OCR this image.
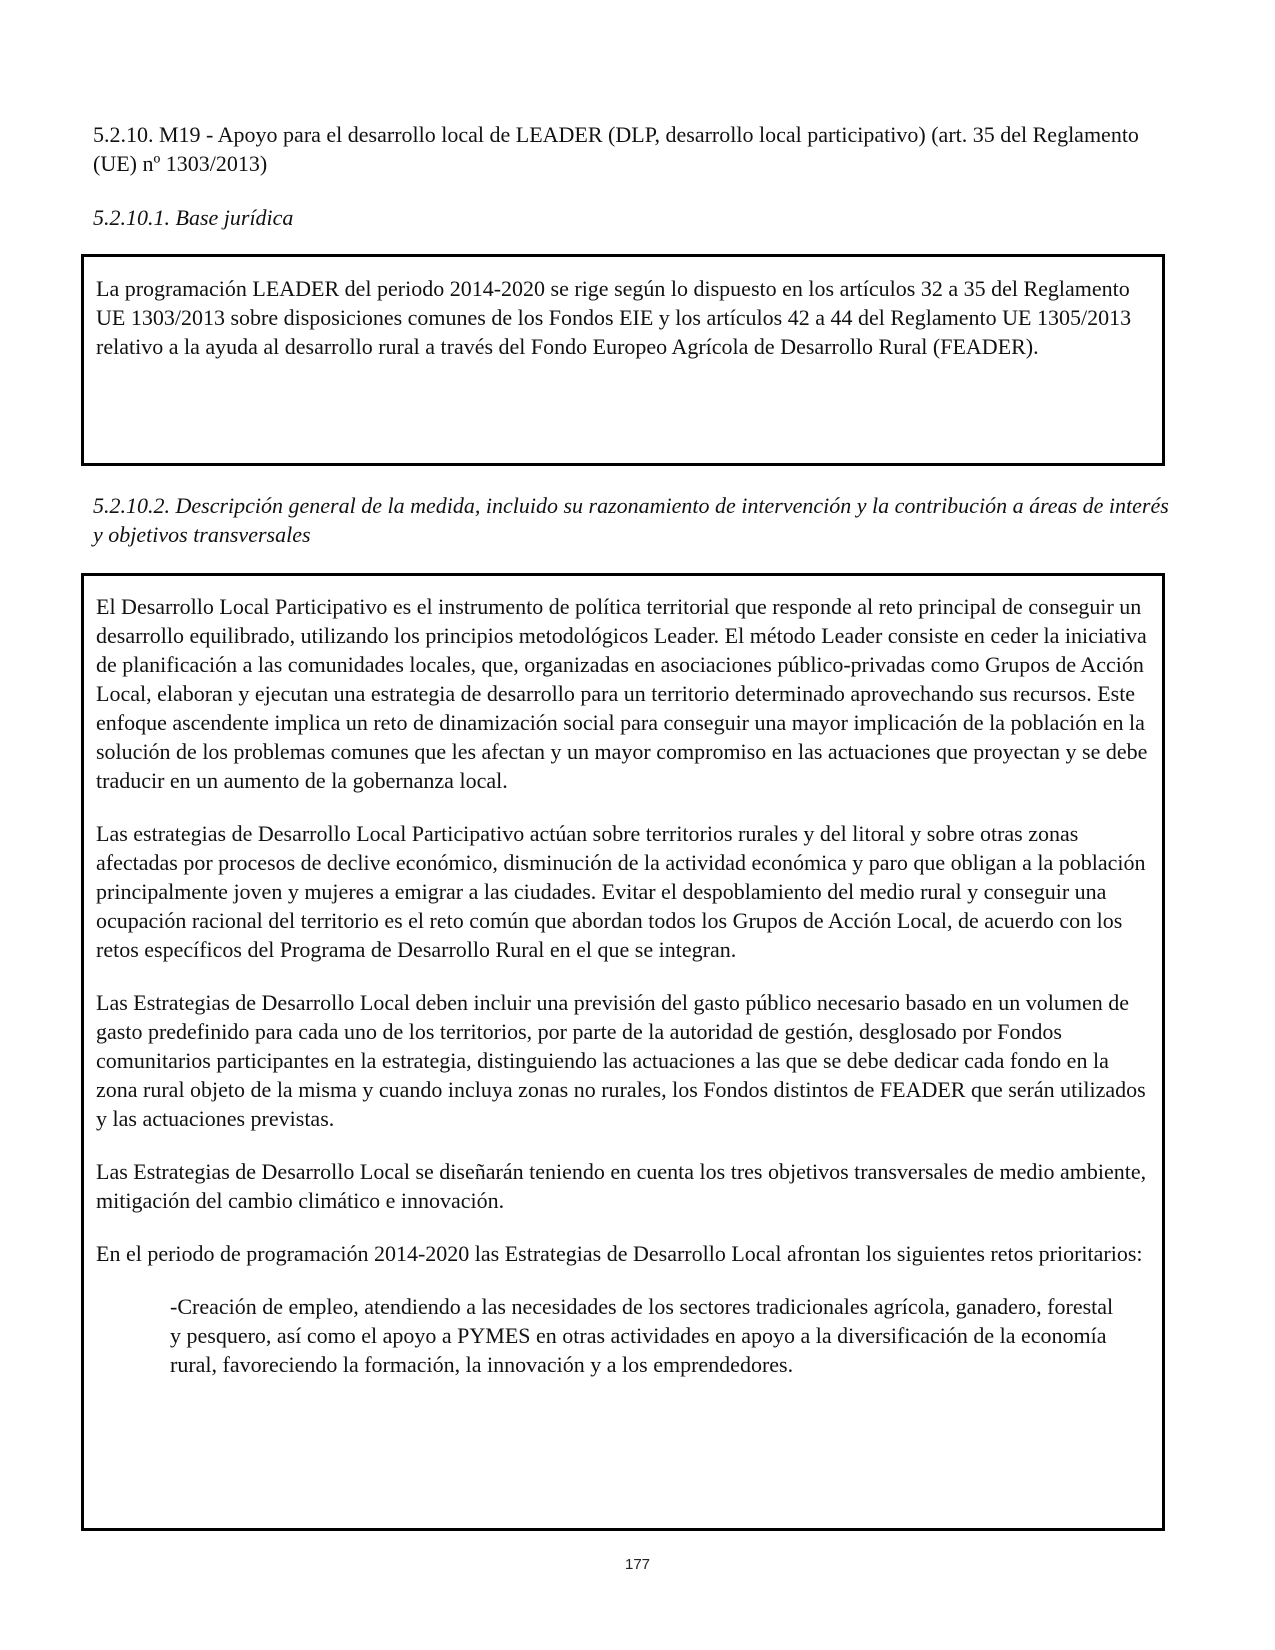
5.2.10. M19 - Apoyo para el desarrollo local de LEADER (DLP, desarrollo local participativo) (art. 35 del Reglamento (UE) nº 1303/2013)
5.2.10.1. Base jurídica

La programación LEADER del periodo 2014-2020 se rige según lo dispuesto en los artículos 32 a 35 del Reglamento UE 1303/2013 sobre disposiciones comunes de los Fondos EIE y los artículos 42 a 44 del Reglamento UE 1305/2013 relativo a la ayuda al desarrollo rural a través del Fondo Europeo Agrícola de Desarrollo Rural (FEADER).

5.2.10.2. Descripción general de la medida, incluido su razonamiento de intervención y la contribución a áreas de interés y objetivos transversales

El Desarrollo Local Participativo es el instrumento de política territorial que responde al reto principal de conseguir un desarrollo equilibrado, utilizando los principios metodológicos Leader. El método Leader consiste en ceder la iniciativa de planificación a las comunidades locales, que, organizadas en asociaciones público-privadas como Grupos de Acción Local, elaboran y ejecutan una estrategia de desarrollo para un territorio determinado aprovechando sus recursos. Este enfoque ascendente implica un reto de dinamización social para conseguir una mayor implicación de la población en la solución de los problemas comunes que les afectan y un mayor compromiso en las actuaciones que proyectan y se debe traducir en un aumento de la gobernanza local.

Las estrategias de Desarrollo Local Participativo actúan sobre territorios rurales y del litoral y sobre otras zonas afectadas por procesos de declive económico, disminución de la actividad económica y paro que obligan a la población principalmente joven y mujeres a emigrar a las ciudades. Evitar el despoblamiento del medio rural y conseguir una ocupación racional del territorio es el reto común que abordan todos los Grupos de Acción Local, de acuerdo con los retos específicos del Programa de Desarrollo Rural en el que se integran.

Las Estrategias de Desarrollo Local deben incluir una previsión del gasto público necesario basado en un volumen de gasto predefinido para cada uno de los territorios, por parte de la autoridad de gestión, desglosado por Fondos comunitarios participantes en la estrategia, distinguiendo las actuaciones a las que se debe dedicar cada fondo en la zona rural objeto de la misma y cuando incluya zonas no rurales, los Fondos distintos de FEADER que serán utilizados y las actuaciones previstas.

Las Estrategias de Desarrollo Local se diseñarán teniendo en cuenta los tres objetivos transversales de medio ambiente, mitigación del cambio climático e innovación.

En el periodo de programación 2014-2020 las Estrategias de Desarrollo Local afrontan los siguientes retos prioritarios:

-Creación de empleo, atendiendo a las necesidades de los sectores tradicionales agrícola, ganadero, forestal y pesquero, así como el apoyo a PYMES en otras actividades en apoyo a la diversificación de la economía rural, favoreciendo la formación, la innovación y a los emprendedores.

177
